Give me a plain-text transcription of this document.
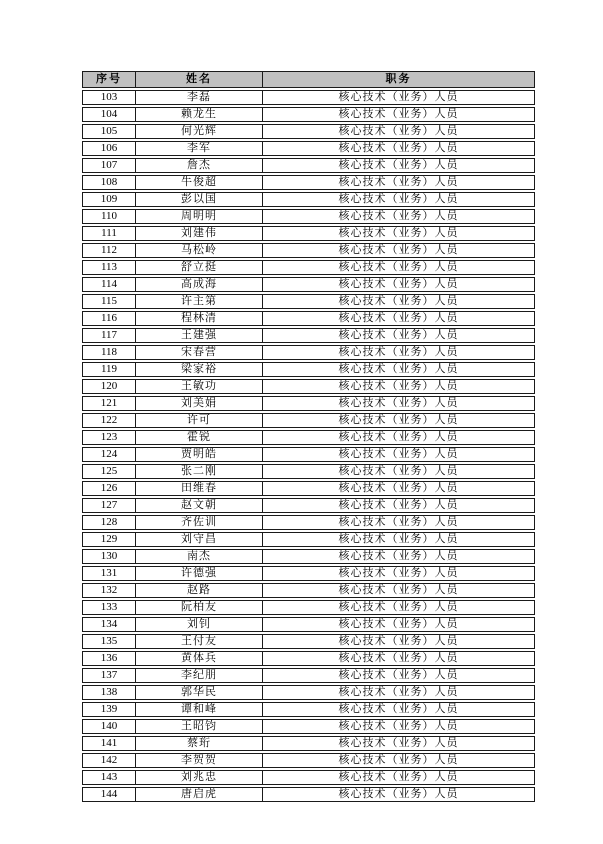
序号	姓名	职务
103	李磊	核心技术（业务）人员
104	赖龙生	核心技术（业务）人员
105	何光辉	核心技术（业务）人员
106	李军	核心技术（业务）人员
107	詹杰	核心技术（业务）人员
108	牛俊超	核心技术（业务）人员
109	彭以国	核心技术（业务）人员
110	周明明	核心技术（业务）人员
111	刘建伟	核心技术（业务）人员
112	马松岭	核心技术（业务）人员
113	舒立挺	核心技术（业务）人员
114	高成海	核心技术（业务）人员
115	许主第	核心技术（业务）人员
116	程林清	核心技术（业务）人员
117	王建强	核心技术（业务）人员
118	宋春营	核心技术（业务）人员
119	梁家裕	核心技术（业务）人员
120	王敏功	核心技术（业务）人员
121	刘美娟	核心技术（业务）人员
122	许可	核心技术（业务）人员
123	霍锐	核心技术（业务）人员
124	贾明皓	核心技术（业务）人员
125	张二刚	核心技术（业务）人员
126	田维春	核心技术（业务）人员
127	赵文朝	核心技术（业务）人员
128	齐佐训	核心技术（业务）人员
129	刘守昌	核心技术（业务）人员
130	南杰	核心技术（业务）人员
131	许德强	核心技术（业务）人员
132	赵路	核心技术（业务）人员
133	阮柏友	核心技术（业务）人员
134	刘钊	核心技术（业务）人员
135	王付友	核心技术（业务）人员
136	黄体兵	核心技术（业务）人员
137	李纪朋	核心技术（业务）人员
138	郭华民	核心技术（业务）人员
139	谭和峰	核心技术（业务）人员
140	王昭钧	核心技术（业务）人员
141	蔡珩	核心技术（业务）人员
142	李贺贺	核心技术（业务）人员
143	刘兆忠	核心技术（业务）人员
144	唐启虎	核心技术（业务）人员
